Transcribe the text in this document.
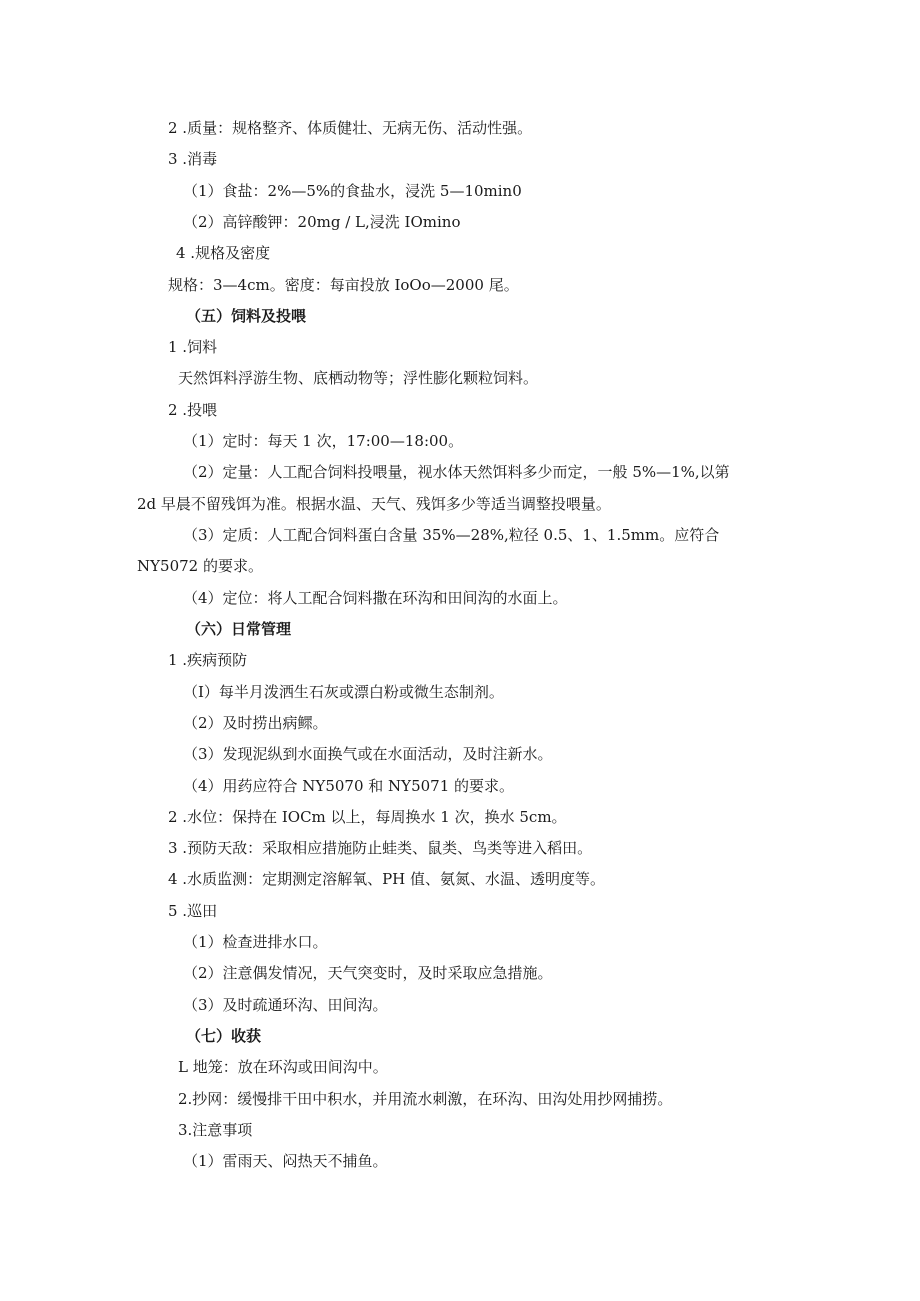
2 .质量：规格整齐、体质健壮、无病无伤、活动性强。

3 .消毒

（1）食盐：2%—5%的食盐水，浸洗 5—10min0

（2）高锌酸钾：20mg / L,浸洗 IOmino

4 .规格及密度

规格：3—4cm。密度：每亩投放 IoOo—2000 尾。

（五）饲料及投喂

1 .饲料

天然饵料浮游生物、底栖动物等；浮性膨化颗粒饲料。

2 .投喂

（1）定时：每天 1 次，17:00—18:00。

（2）定量：人工配合饲料投喂量，视水体天然饵料多少而定，一般 5%—1%,以第

2d 早晨不留残饵为准。根据水温、天气、残饵多少等适当调整投喂量。

（3）定质：人工配合饲料蛋白含量 35%—28%,粒径 0.5、1、1.5mm。应符合

NY5072 的要求。

（4）定位：将人工配合饲料撒在环沟和田间沟的水面上。

（六）日常管理

1 .疾病预防

（I）每半月泼洒生石灰或漂白粉或微生态制剂。

（2）及时捞出病鳏。

（3）发现泥纵到水面换气或在水面活动，及时注新水。

（4）用药应符合 NY5070 和 NY5071 的要求。

2 .水位：保持在 IOCm 以上，每周换水 1 次，换水 5cm。

3 .预防天敌：采取相应措施防止蛙类、鼠类、鸟类等进入稻田。

4 .水质监测：定期测定溶解氧、PH 值、氨氮、水温、透明度等。

5 .巡田

（1）检查进排水口。

（2）注意偶发情况，天气突变时，及时采取应急措施。

（3）及时疏通环沟、田间沟。

（七）收获

L 地笼：放在环沟或田间沟中。

2.抄网：缓慢排干田中积水，并用流水刺激，在环沟、田沟处用抄网捕捞。

3.注意事项

（1）雷雨天、闷热天不捕鱼。
